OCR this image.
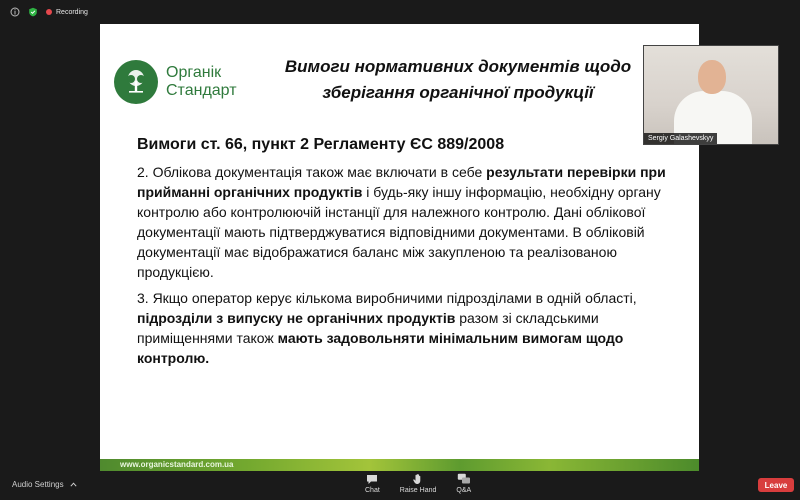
Recording
Органік
Стандарт
Вимоги нормативних документів щодо зберігання органічної продукції
Вимоги ст. 66, пункт 2 Регламенту ЄС 889/2008
2. Облікова документація також має включати в себе результати перевірки при прийманні органічних продуктів і будь-яку іншу інформацію, необхідну органу контролю або контролюючій інстанції для належного контролю. Дані облікової документації мають підтверджуватися відповідними документами. В обліковій документації має відображатися баланс між закупленою та реалізованою продукцією.
3. Якщо оператор керує кількома виробничими підрозділами в одній області, підрозділи з випуску не органічних продуктів разом зі складськими приміщеннями також мають задовольняти мінімальним вимогам щодо контролю.
www.organicstandard.com.ua
Sergiy Galashevskyy
Audio Settings
Chat	Raise Hand	Q&A
Leave
